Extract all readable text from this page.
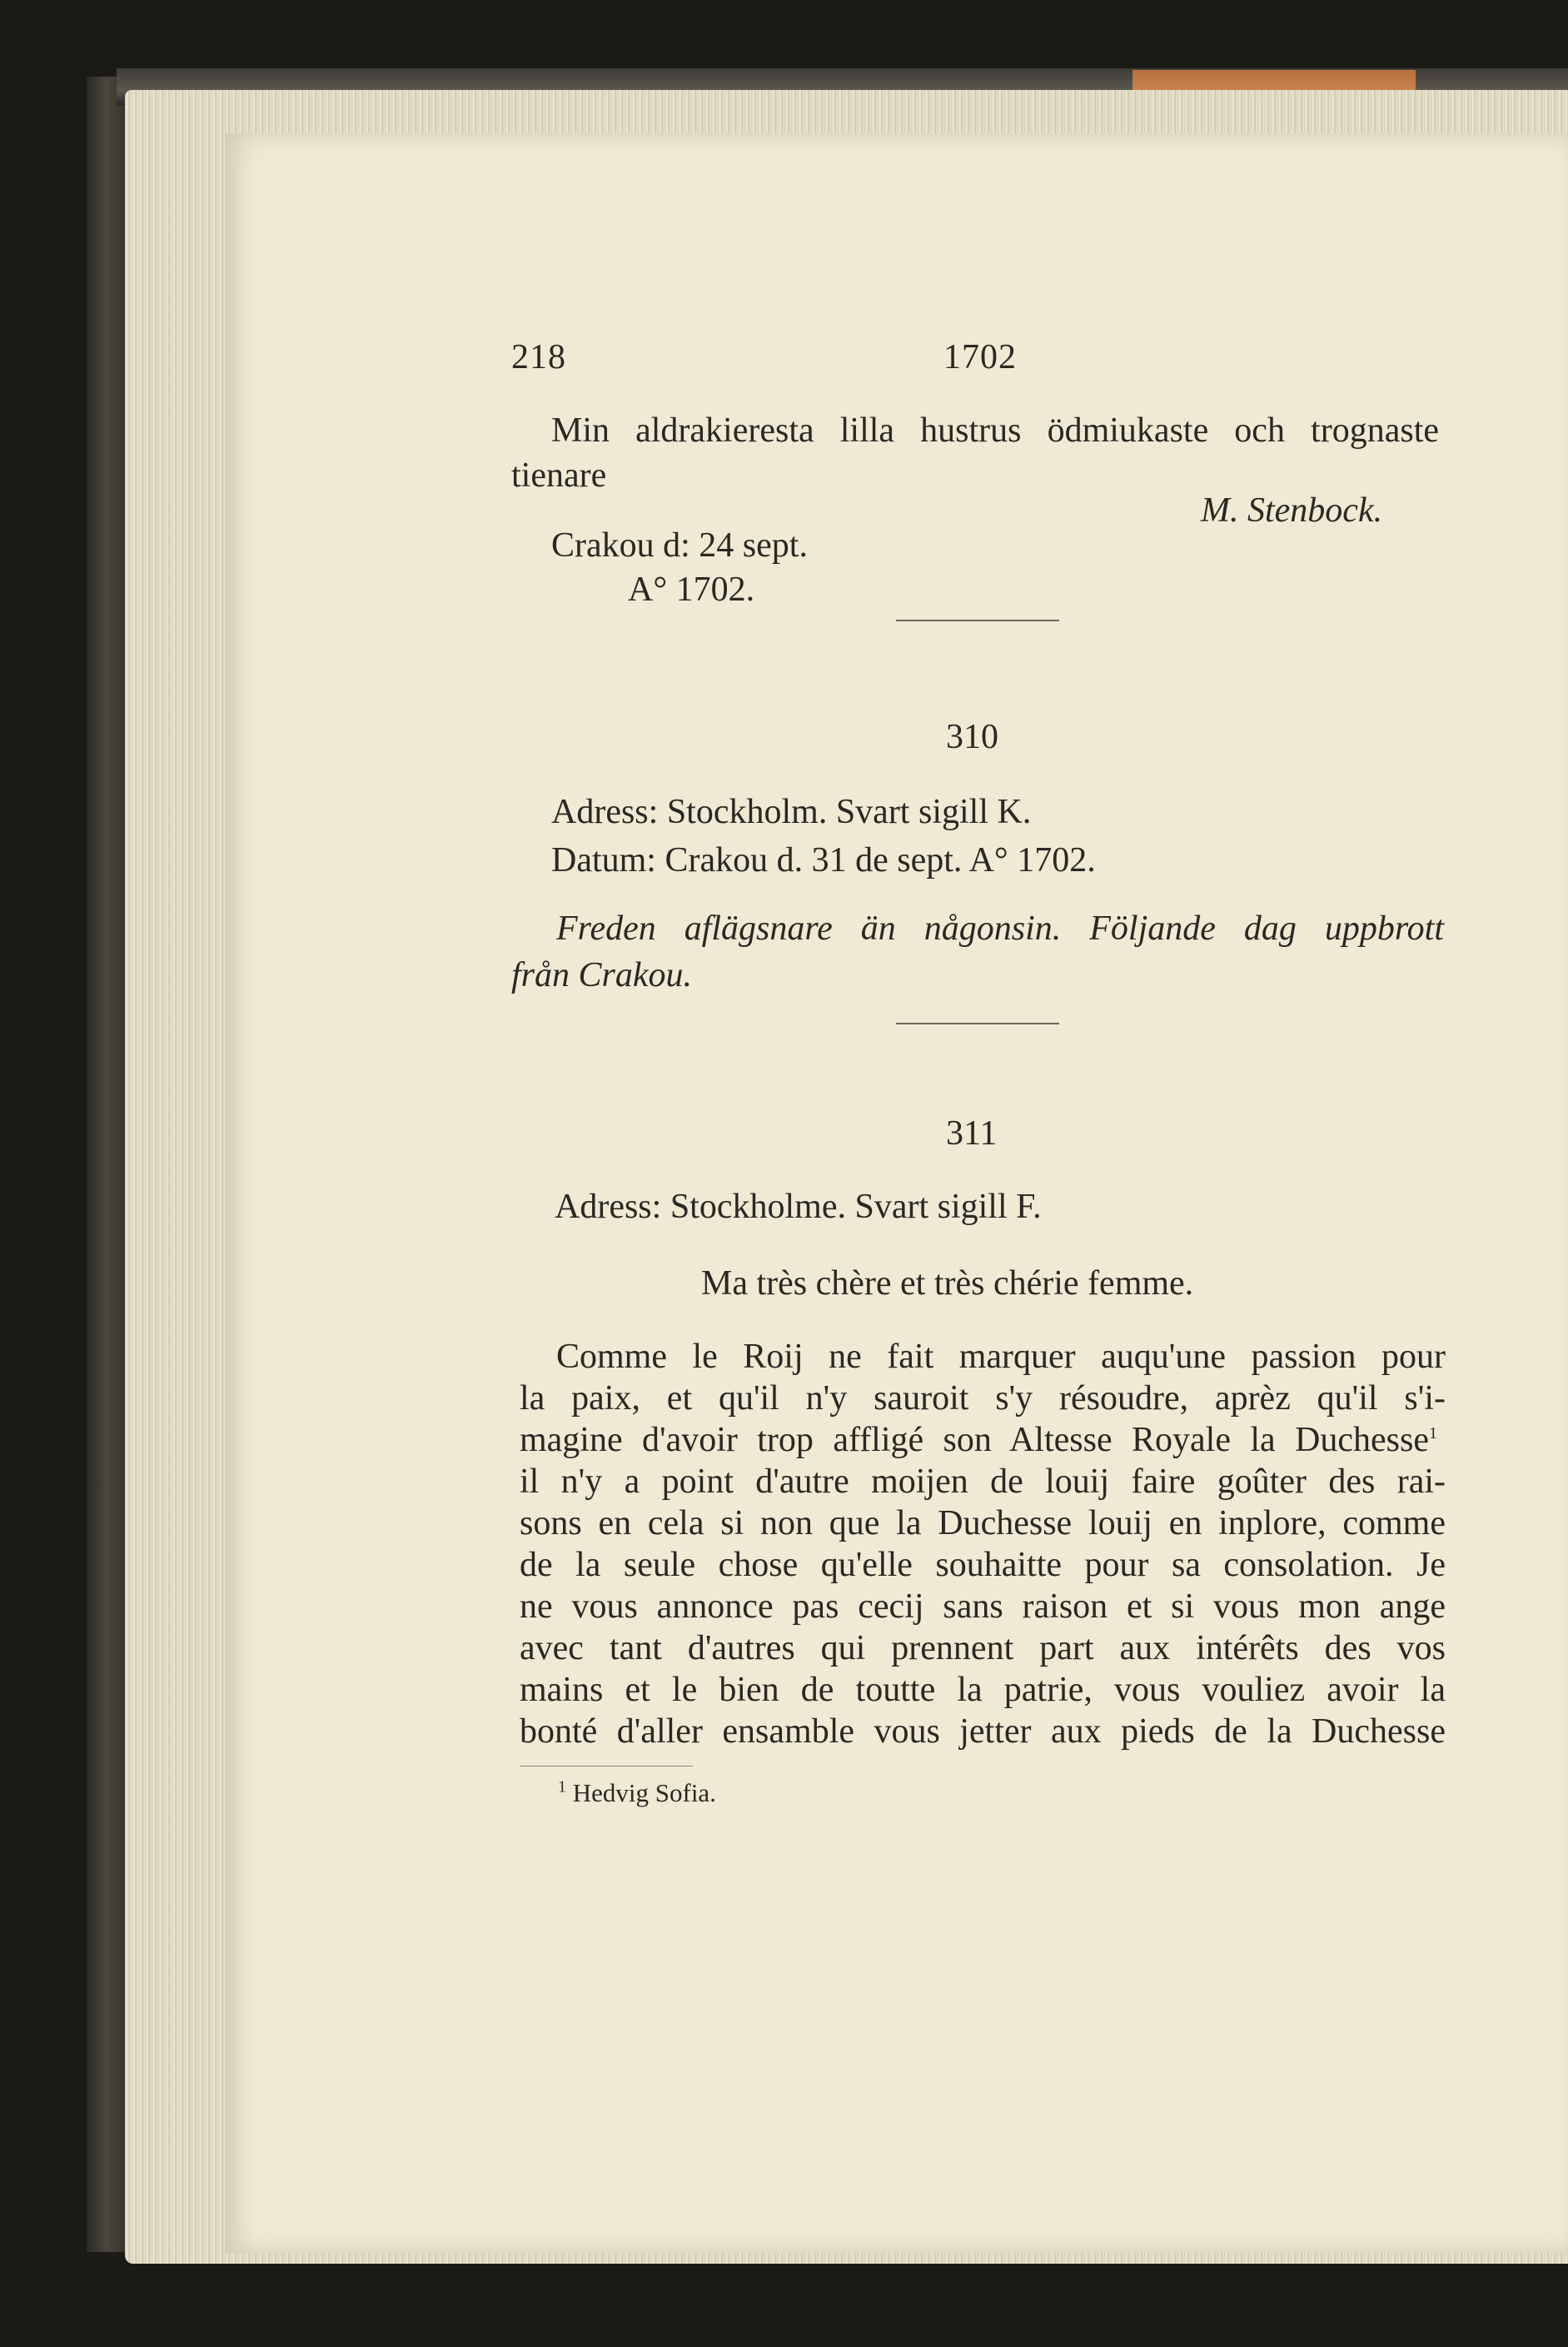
218	1702
Min aldrakieresta lilla hustrus ödmiukaste och trognaste
tienare
M. Stenbock.
Crakou d: 24 sept.
A° 1702.
310
Adress: Stockholm. Svart sigill K.
Datum: Crakou d. 31 de sept. A° 1702.
Freden aflägsnare än någonsin. Följande dag uppbrott
från Crakou.
311
Adress: Stockholme. Svart sigill F.
Ma très chère et très chérie femme.
Comme le Roij ne fait marquer auqu'une passion pour
la paix, et qu'il n'y sauroit s'y résoudre, aprèz qu'il s'i-
magine d'avoir trop affligé son Altesse Royale la Duchesse$^1$
il n'y a point d'autre moijen de louij faire goûter des rai-
sons en cela si non que la Duchesse louij en inplore, comme
de la seule chose qu'elle souhaitte pour sa consolation. Je
ne vous annonce pas cecij sans raison et si vous mon ange
avec tant d'autres qui prennent part aux intérêts des vos
mains et le bien de toutte la patrie, vous vouliez avoir la
bonté d'aller ensamble vous jetter aux pieds de la Duchesse
$^1$ Hedvig Sofia.
